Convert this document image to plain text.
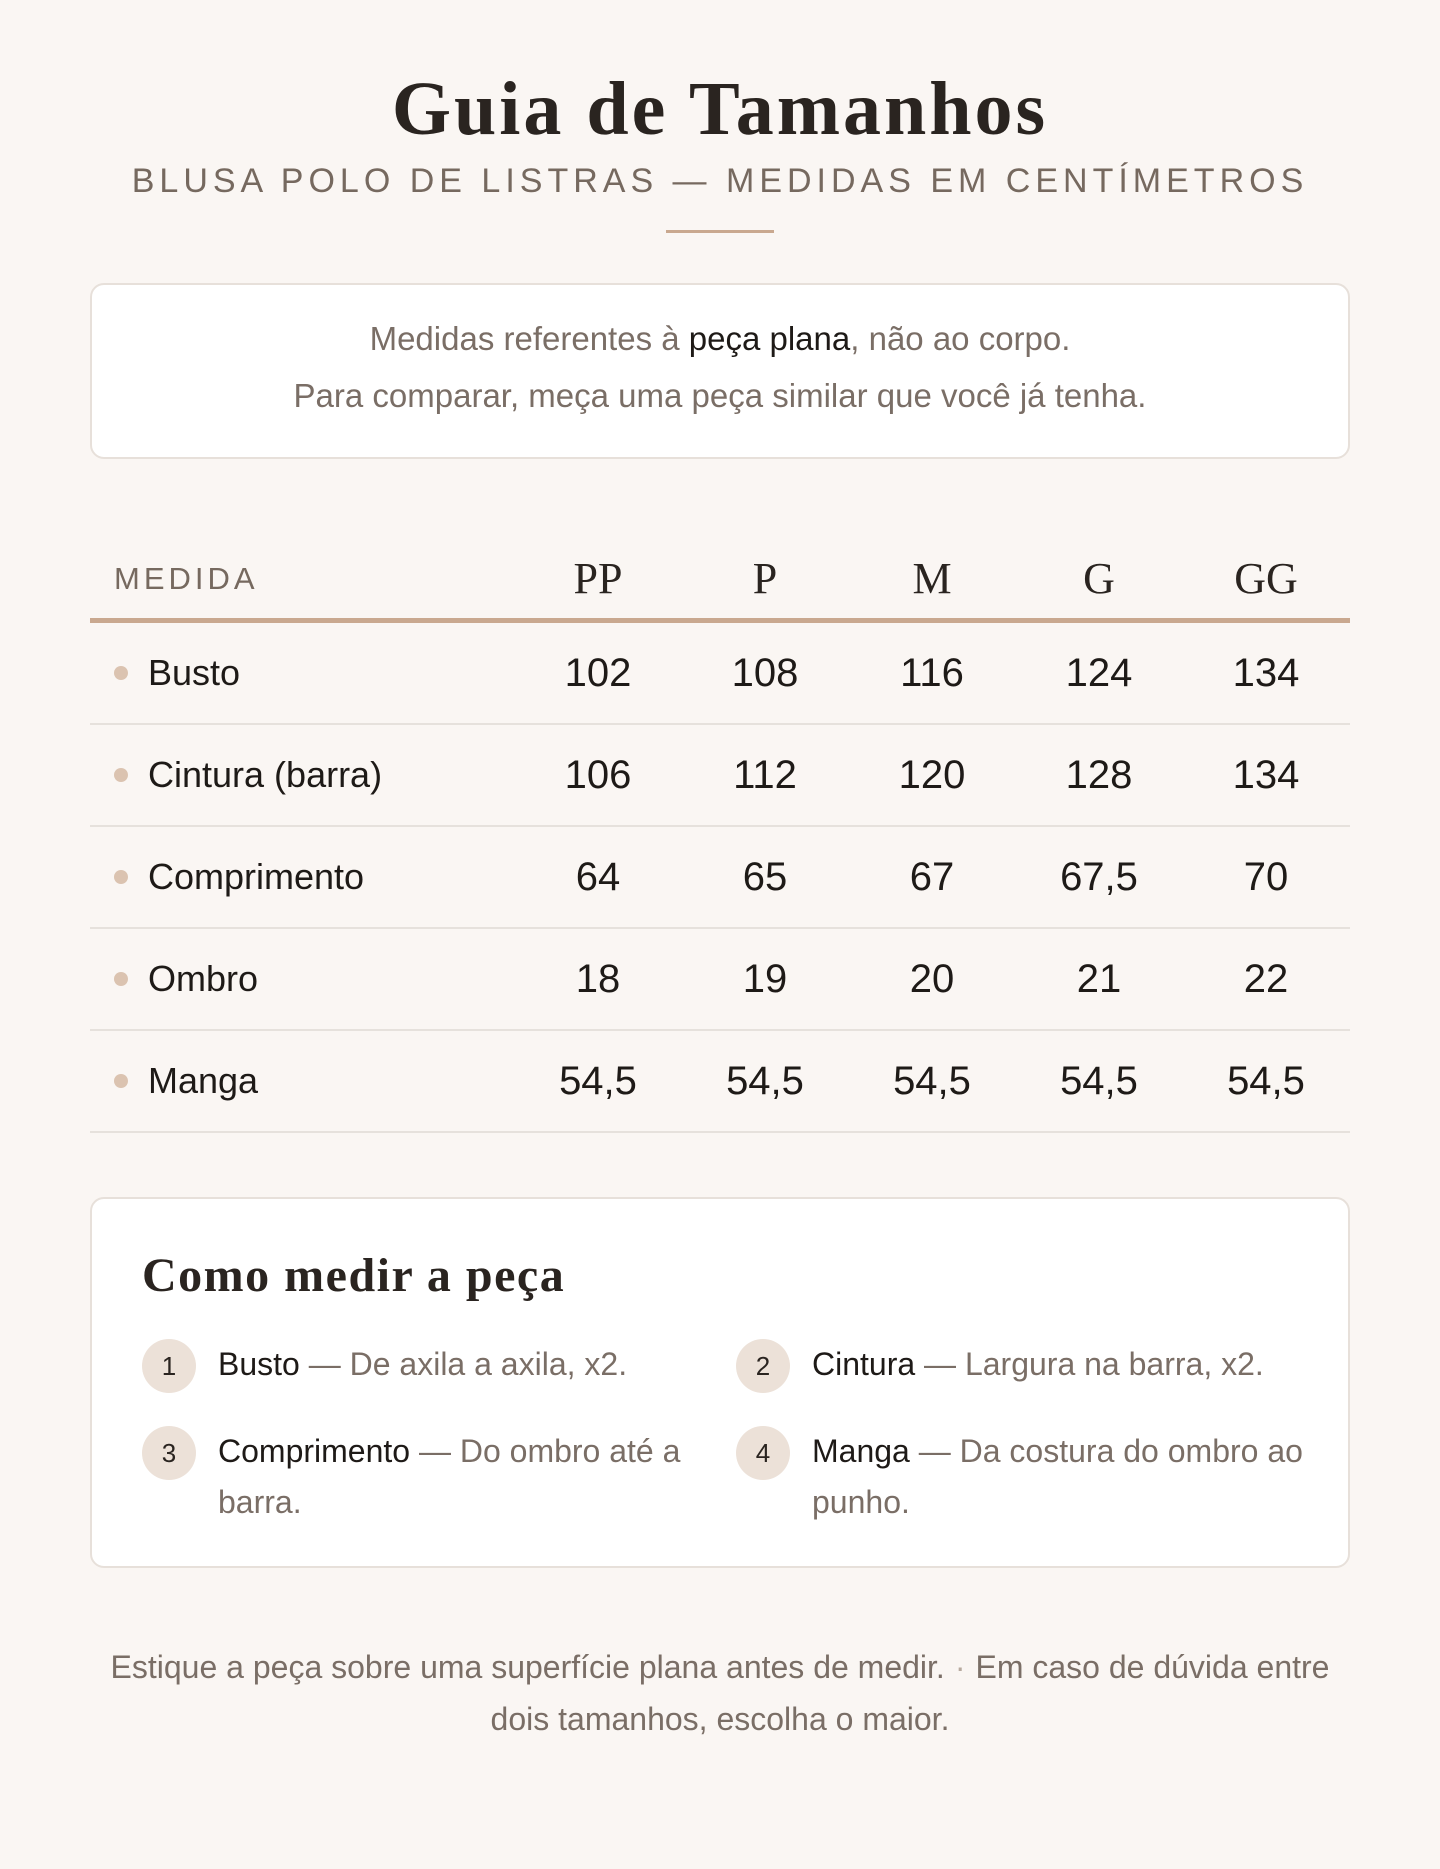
Guia de Tamanhos
BLUSA POLO DE LISTRAS — MEDIDAS EM CENTÍMETROS
Medidas referentes à peça plana, não ao corpo.
Para comparar, meça uma peça similar que você já tenha.
MEDIDA	PP	P	M	G	GG
Busto	102	108	116	124	134
Cintura (barra)	106	112	120	128	134
Comprimento	64	65	67	67,5	70
Ombro	18	19	20	21	22
Manga	54,5	54,5	54,5	54,5	54,5
Como medir a peça
1	Busto — De axila a axila, x2.	2	Cintura — Largura na barra, x2.
3	Comprimento — Do ombro até a barra.
4	Manga — Da costura do ombro ao punho.
Estique a peça sobre uma superfície plana antes de medir. · Em caso de dúvida entre dois tamanhos, escolha o maior.
